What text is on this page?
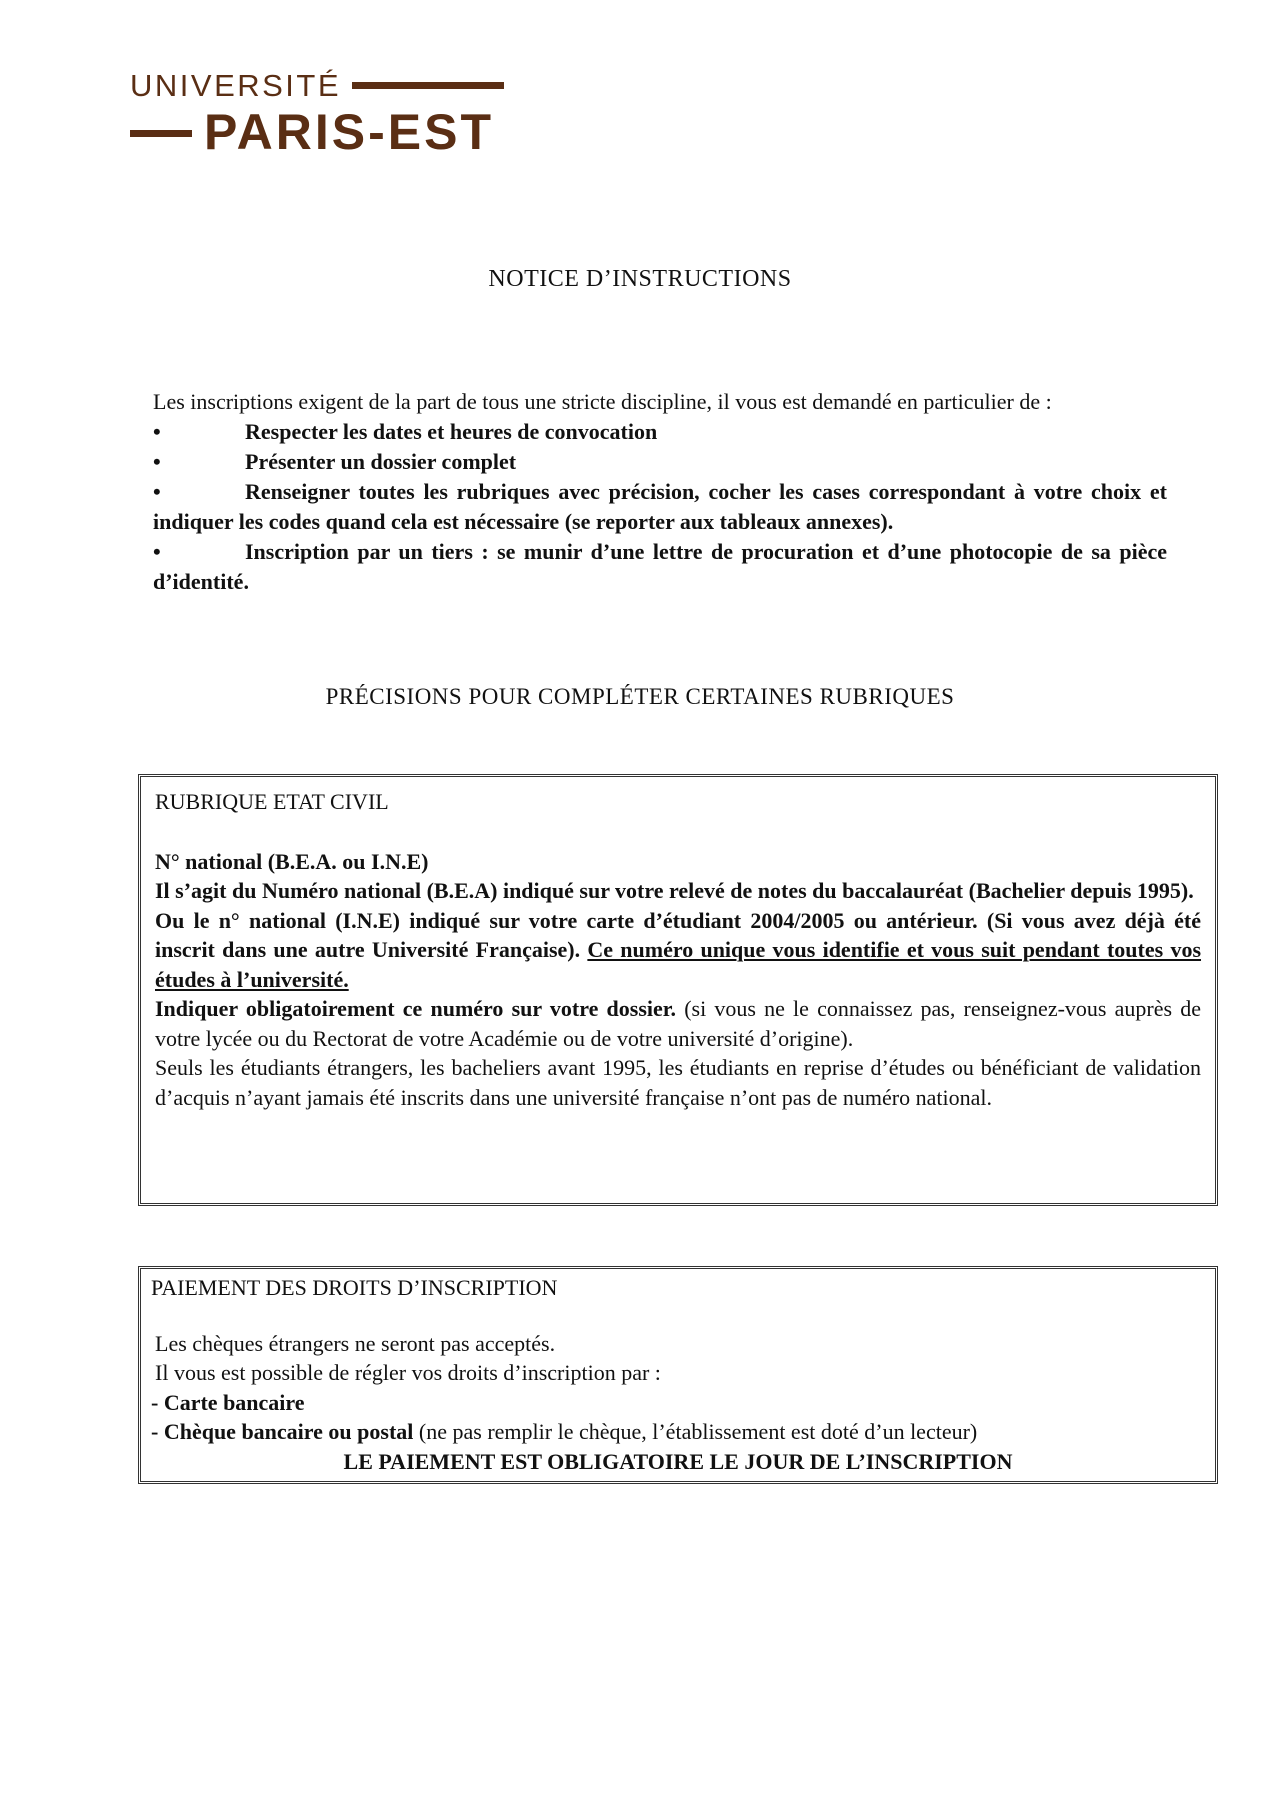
UNIVERSITÉ
PARIS-EST
NOTICE D’INSTRUCTIONS

Les inscriptions exigent de la part de tous une stricte discipline, il vous est demandé en particulier de :

•	Respecter les dates et heures de convocation

•	Présenter un dossier complet

•	Renseigner toutes les rubriques avec précision, cocher les cases correspondant à votre choix et indiquer les codes quand cela est nécessaire (se reporter aux tableaux annexes).

•	Inscription par un tiers : se munir d’une lettre de procuration et d’une photocopie de sa pièce d’identité.

PRÉCISIONS POUR COMPLÉTER CERTAINES RUBRIQUES

RUBRIQUE ETAT CIVIL

N° national (B.E.A. ou I.N.E)

Il s’agit du Numéro national (B.E.A) indiqué sur votre relevé de notes du baccalauréat (Bachelier depuis 1995).

Ou le n° national (I.N.E) indiqué sur votre carte d’étudiant 2004/2005 ou antérieur. (Si vous avez déjà été inscrit dans une autre Université Française). Ce numéro unique vous identifie et vous suit pendant toutes vos études à l’université.

Indiquer obligatoirement ce numéro sur votre dossier. (si vous ne le connaissez pas, renseignez-vous auprès de votre lycée ou du Rectorat de votre Académie ou de votre université d’origine).

Seuls les étudiants étrangers, les bacheliers avant 1995, les étudiants en reprise d’études ou bénéficiant de validation d’acquis n’ayant jamais été inscrits dans une université française n’ont pas de numéro national.

PAIEMENT DES DROITS D’INSCRIPTION

Les chèques étrangers ne seront pas acceptés.

Il vous est possible de régler vos droits d’inscription par :

- Carte bancaire

- Chèque bancaire ou postal (ne pas remplir le chèque, l’établissement est doté d’un lecteur)

LE PAIEMENT EST OBLIGATOIRE LE JOUR DE L’INSCRIPTION
